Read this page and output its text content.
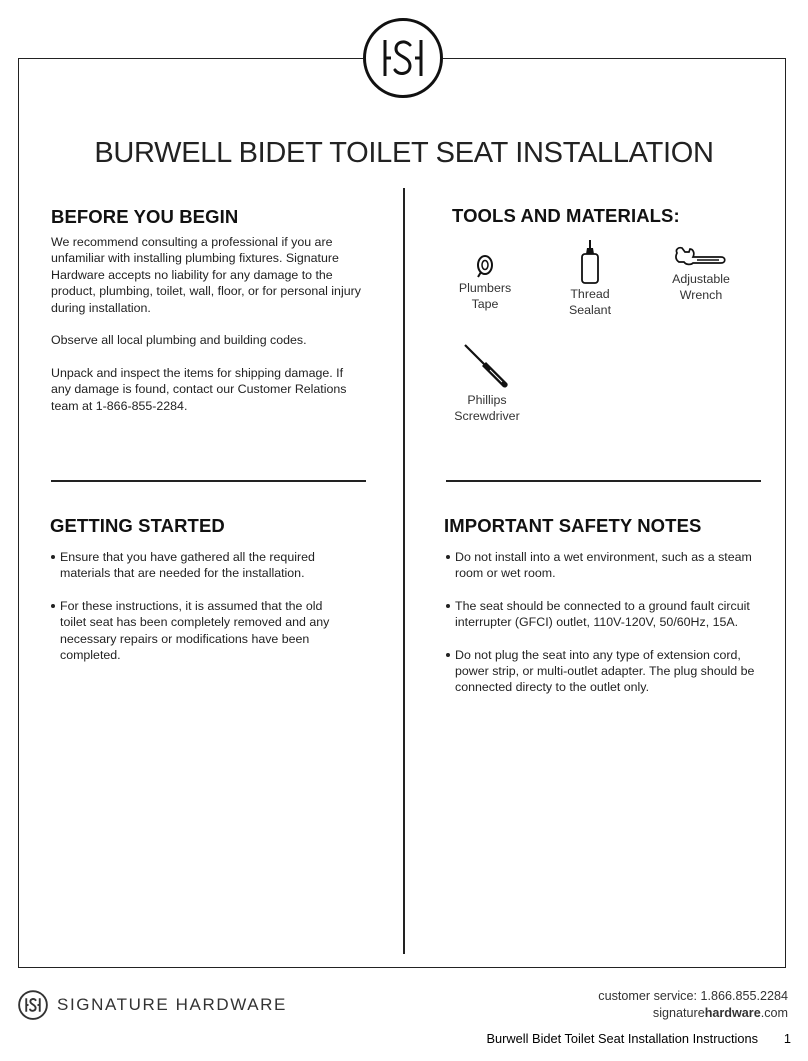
BURWELL BIDET TOILET SEAT INSTALLATION
BEFORE YOU BEGIN

We recommend consulting a professional if you are unfamiliar with installing plumbing fixtures. Signature Hardware accepts no liability for any damage to the product, plumbing, toilet, wall, floor, or for personal injury during installation.

Observe all local plumbing and building codes.

Unpack and inspect the items for shipping damage. If any damage is found, contact our Customer Relations team at 1-866-855-2284.

TOOLS AND MATERIALS:
Plumbers
Tape
Thread
Sealant
Adjustable
Wrench
Phillips
Screwdriver
GETTING STARTED
Ensure that you have gathered all the required materials that are needed for the installation.
For these instructions, it is assumed that the old toilet seat has been completely removed and any necessary repairs or modifications have been completed.
IMPORTANT SAFETY NOTES
Do not install into a wet environment, such as a steam room or wet room.
The seat should be connected to a ground fault circuit interrupter (GFCI) outlet, 110V-120V, 50/60Hz, 15A.
Do not plug the seat into any type of extension cord, power strip, or multi-outlet adapter. The plug should be connected directy to the outlet only.
SIGNATURE HARDWARE	customer service: 1.866.855.2284
signaturehardware.com
Burwell Bidet Toilet Seat Installation Instructions 1
